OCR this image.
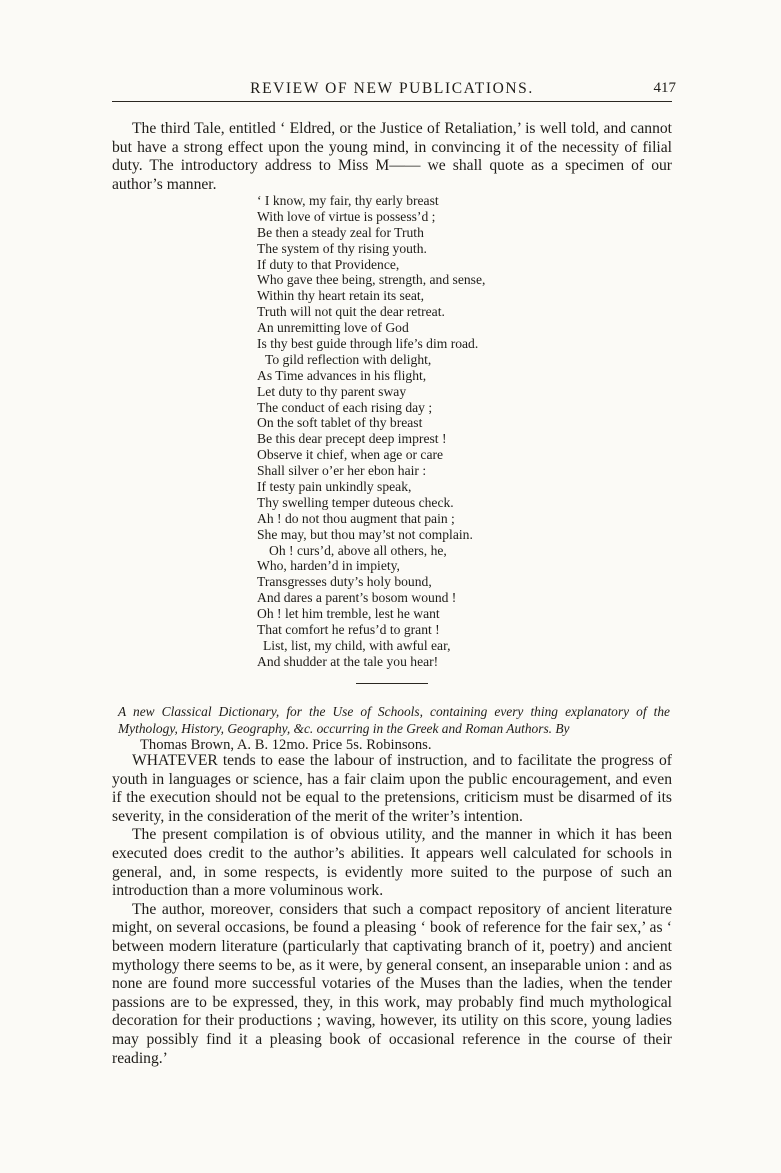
REVIEW OF NEW PUBLICATIONS.	417

The third Tale, entitled ‘ Eldred, or the Justice of Retaliation,’ is well told, and cannot but have a strong effect upon the young mind, in convincing it of the necessity of filial duty. The introductory address to Miss M—— we shall quote as a specimen of our author’s manner.

‘ I know, my fair, thy early breast
With love of virtue is possess’d ;
Be then a steady zeal for Truth
The system of thy rising youth.
If duty to that Providence,
Who gave thee being, strength, and sense,
Within thy heart retain its seat,
Truth will not quit the dear retreat.
An unremitting love of God
Is thy best guide through life’s dim road.
To gild reflection with delight,
As Time advances in his flight,
Let duty to thy parent sway
The conduct of each rising day ;
On the soft tablet of thy breast
Be this dear precept deep imprest !
Observe it chief, when age or care
Shall silver o’er her ebon hair :
If testy pain unkindly speak,
Thy swelling temper duteous check.
Ah ! do not thou augment that pain ;
She may, but thou may’st not complain.
Oh ! curs’d, above all others, he,
Who, harden’d in impiety,
Transgresses duty’s holy bound,
And dares a parent’s bosom wound !
Oh ! let him tremble, lest he want
That comfort he refus’d to grant !
List, list, my child, with awful ear,
And shudder at the tale you hear!
A new Classical Dictionary, for the Use of Schools, containing every thing explanatory of the Mythology, History, Geography, &c. occurring in the Greek and Roman Authors. By
Thomas Brown, A. B. 12mo. Price 5s. Robinsons.

WHATEVER tends to ease the labour of instruction, and to facilitate the progress of youth in languages or science, has a fair claim upon the public encouragement, and even if the execution should not be equal to the pretensions, criticism must be disarmed of its severity, in the consideration of the merit of the writer’s intention.

The present compilation is of obvious utility, and the manner in which it has been executed does credit to the author’s abilities. It appears well calculated for schools in general, and, in some respects, is evidently more suited to the purpose of such an introduction than a more voluminous work.

The author, moreover, considers that such a compact repository of ancient literature might, on several occasions, be found a pleasing ‘ book of reference for the fair sex,’ as ‘ between modern literature (particularly that captivating branch of it, poetry) and ancient mythology there seems to be, as it were, by general consent, an inseparable union : and as none are found more successful votaries of the Muses than the ladies, when the tender passions are to be expressed, they, in this work, may probably find much mythological decoration for their productions ; waving, however, its utility on this score, young ladies may possibly find it a pleasing book of occasional reference in the course of their reading.’
